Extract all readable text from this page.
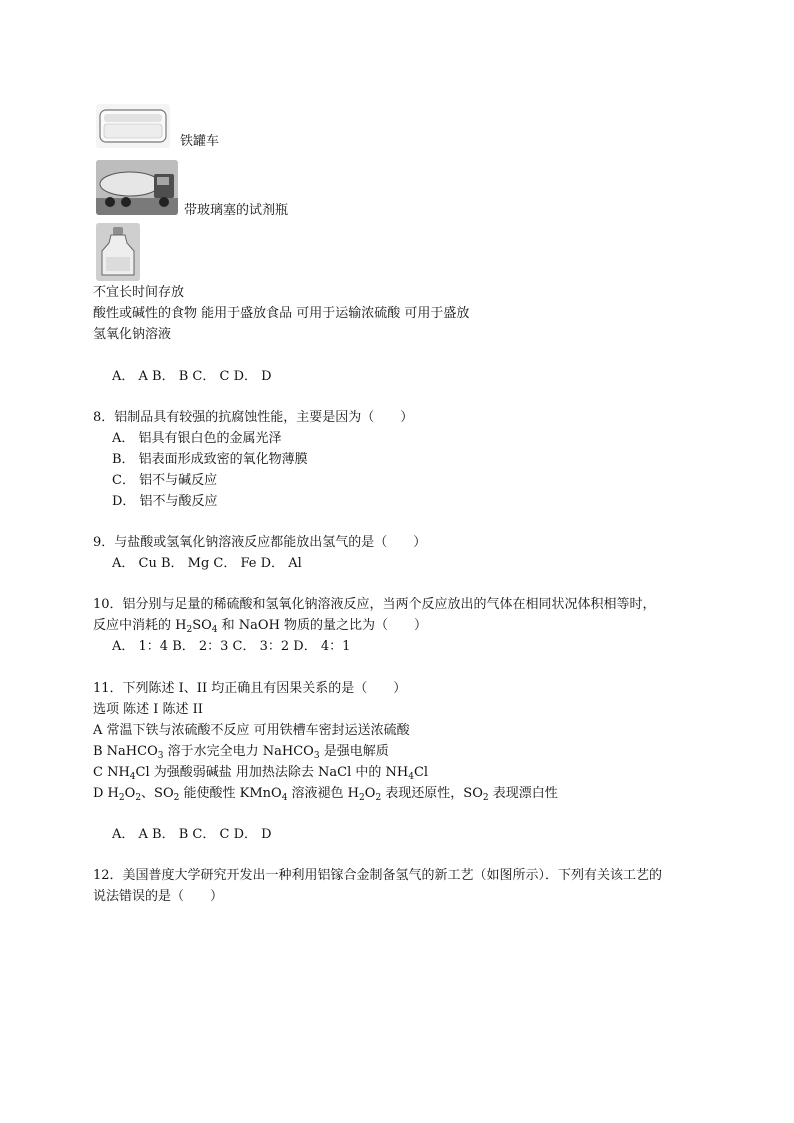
铁罐车
带玻璃塞的试剂瓶
不宜长时间存放
酸性或碱性的食物 能用于盛放食品 可用于运输浓硫酸 可用于盛放
氢氧化钠溶液
A． A B． B C． C D． D
8．铝制品具有较强的抗腐蚀性能，主要是因为（　　）
A． 铝具有银白色的金属光泽
B． 铝表面形成致密的氧化物薄膜
C． 铝不与碱反应
D． 铝不与酸反应
9．与盐酸或氢氧化钠溶液反应都能放出氢气的是（　　）
A． Cu B． Mg C． Fe D． Al
10．铝分别与足量的稀硫酸和氢氧化钠溶液反应，当两个反应放出的气体在相同状况体积相等时，
反应中消耗的 $H_2SO_4$ 和 NaOH 物质的量之比为（　　）
A． 1：4 B． 2：3 C． 3：2 D． 4：1
11．下列陈述 I、II 均正确且有因果关系的是（　　）
选项 陈述 I 陈述 II
A 常温下铁与浓硫酸不反应 可用铁槽车密封运送浓硫酸
B NaHCO$_3$ 溶于水完全电力 NaHCO$_3$ 是强电解质
C $NH_4Cl$ 为强酸弱碱盐 用加热法除去 NaCl 中的 $NH_4Cl$
D $H_2O_2$、$SO_2$ 能使酸性 KMnO$_4$ 溶液褪色 $H_2O_2$ 表现还原性，$SO_2$ 表现漂白性
A． A B． B C． C D． D
12．美国普度大学研究开发出一种利用铝镓合金制备氢气的新工艺（如图所示）．下列有关该工艺的
说法错误的是（　　）
